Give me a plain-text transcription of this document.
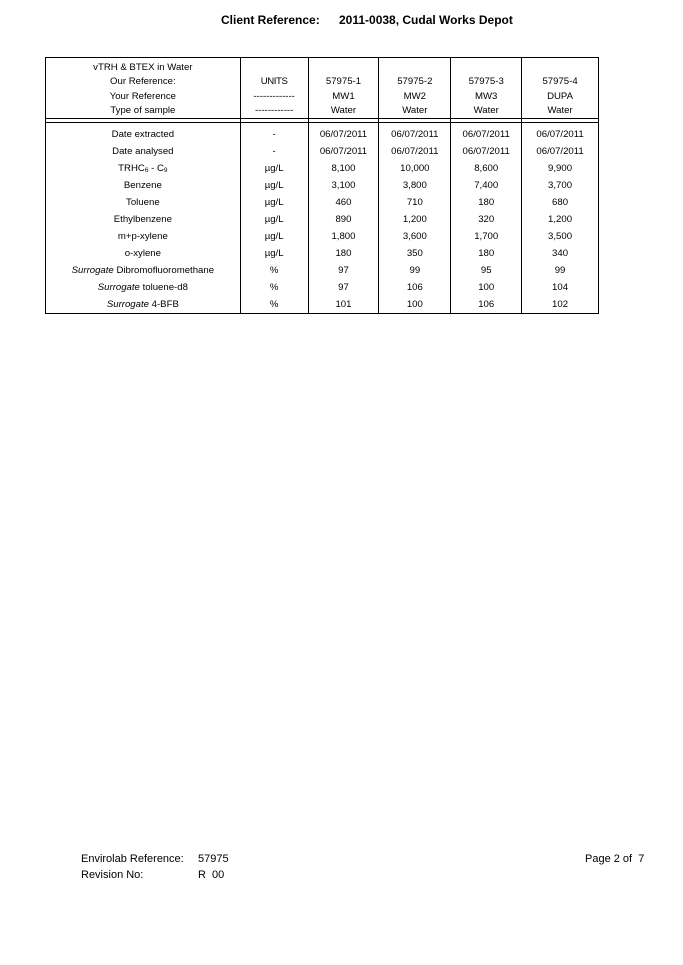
Client Reference: 2011-0038, Cudal Works Depot
vTRH & BTEX in Water					
Our Reference:	UNITS	57975-1	57975-2	57975-3	57975-4
Your Reference	-------------	MW1	MW2	MW3	DUPA
Type of sample	------------	Water	Water	Water	Water

Date extracted	-	06/07/2011	06/07/2011	06/07/2011	06/07/2011
Date analysed	-	06/07/2011	06/07/2011	06/07/2011	06/07/2011
$TRHC_6 - C_9$	µg/L	8,100	10,000	8,600	9,900
Benzene	µg/L	3,100	3,800	7,400	3,700
Toluene	µg/L	460	710	180	680
Ethylbenzene	µg/L	890	1,200	320	1,200
m+p-xylene	µg/L	1,800	3,600	1,700	3,500
o-xylene	µg/L	180	350	180	340
Surrogate Dibromofluoromethane	%	97	99	95	99
Surrogate toluene-d8	%	97	106	100	104
Surrogate 4-BFB	%	101	100	106	102
Envirolab Reference: 57975
Revision No:	R  00
Page 2 of  7
